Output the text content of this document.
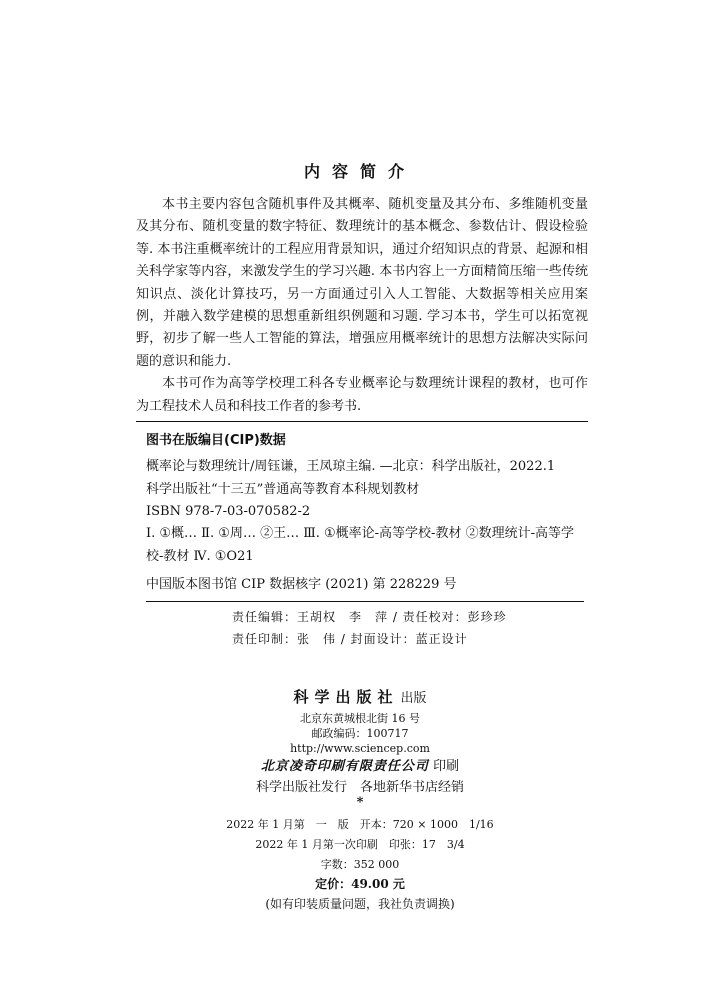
内容简介

本书主要内容包含随机事件及其概率、随机变量及其分布、多维随机变量及其分布、随机变量的数字特征、数理统计的基本概念、参数估计、假设检验等. 本书注重概率统计的工程应用背景知识，通过介绍知识点的背景、起源和相关科学家等内容，来激发学生的学习兴趣. 本书内容上一方面精简压缩一些传统知识点、淡化计算技巧，另一方面通过引入人工智能、大数据等相关应用案例，并融入数学建模的思想重新组织例题和习题. 学习本书，学生可以拓宽视野，初步了解一些人工智能的算法，增强应用概率统计的思想方法解决实际问题的意识和能力.

本书可作为高等学校理工科各专业概率论与数理统计课程的教材，也可作为工程技术人员和科技工作者的参考书.

图书在版编目(CIP)数据

概率论与数理统计/周钰谦，王凤琼主编. —北京：科学出版社，2022.1

科学出版社“十三五”普通高等教育本科规划教材

ISBN 978-7-03-070582-2

Ⅰ. ①概… Ⅱ. ①周… ②王… Ⅲ. ①概率论-高等学校-教材 ②数理统计-高等学校-教材 Ⅳ. ①O21

中国版本图书馆 CIP 数据核字 (2021) 第 228229 号

责任编辑：王胡权　李　萍 / 责任校对：彭珍珍

责任印制：张　伟 / 封面设计：蓝正设计

科学出版社 出版
北京东黄城根北街 16 号
邮政编码：100717
http://www.sciencep.com
北京凌奇印刷有限责任公司 印刷
科学出版社发行　各地新华书店经销
*
2022 年 1 月第　一　版　开本：720 × 1000　1/16
2022 年 1 月第一次印刷　印张：17　3/4
字数：352 000
定价：49.00 元
(如有印装质量问题，我社负责调换)
